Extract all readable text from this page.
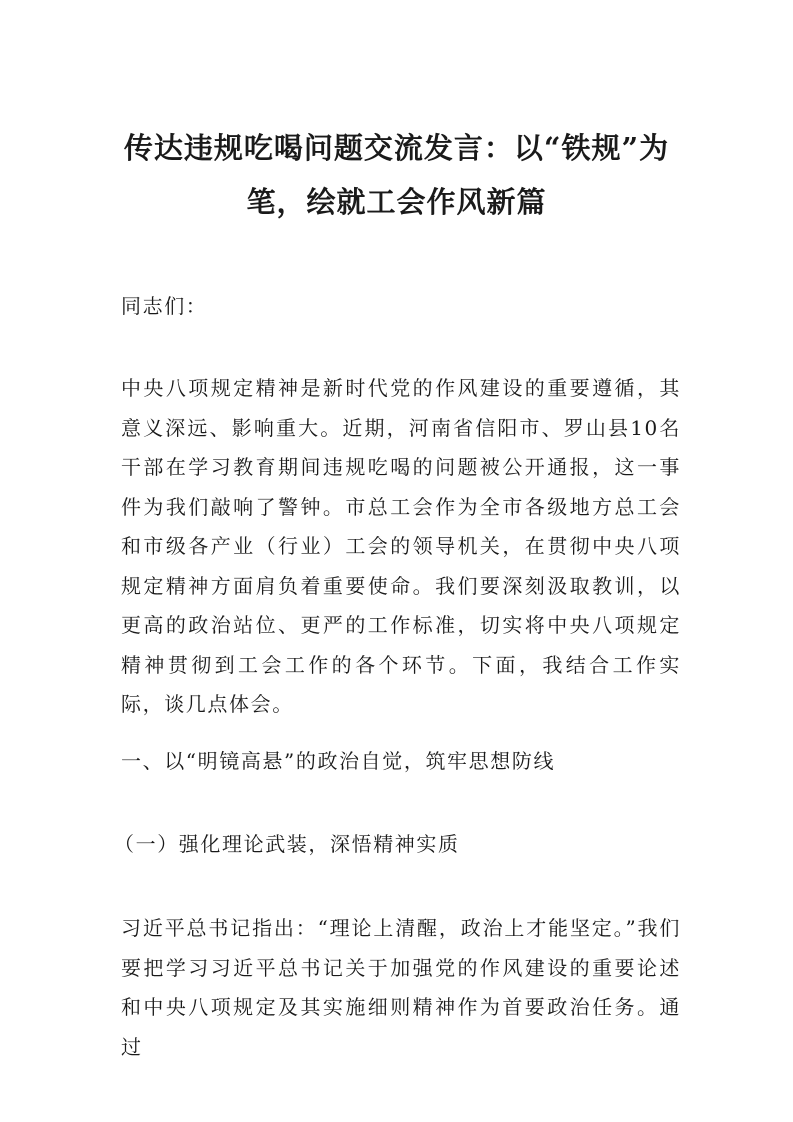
传达违规吃喝问题交流发言：以“铁规”为笔，绘就工会作风新篇

同志们：

中央八项规定精神是新时代党的作风建设的重要遵循，其意义深远、影响重大。近期，河南省信阳市、罗山县10名干部在学习教育期间违规吃喝的问题被公开通报，这一事件为我们敲响了警钟。市总工会作为全市各级地方总工会和市级各产业（行业）工会的领导机关，在贯彻中央八项规定精神方面肩负着重要使命。我们要深刻汲取教训，以更高的政治站位、更严的工作标准，切实将中央八项规定精神贯彻到工会工作的各个环节。下面，我结合工作实际，谈几点体会。

一、以“明镜高悬”的政治自觉，筑牢思想防线

（一）强化理论武装，深悟精神实质

习近平总书记指出：“理论上清醒，政治上才能坚定。”我们要把学习习近平总书记关于加强党的作风建设的重要论述和中央八项规定及其实施细则精神作为首要政治任务。通过
